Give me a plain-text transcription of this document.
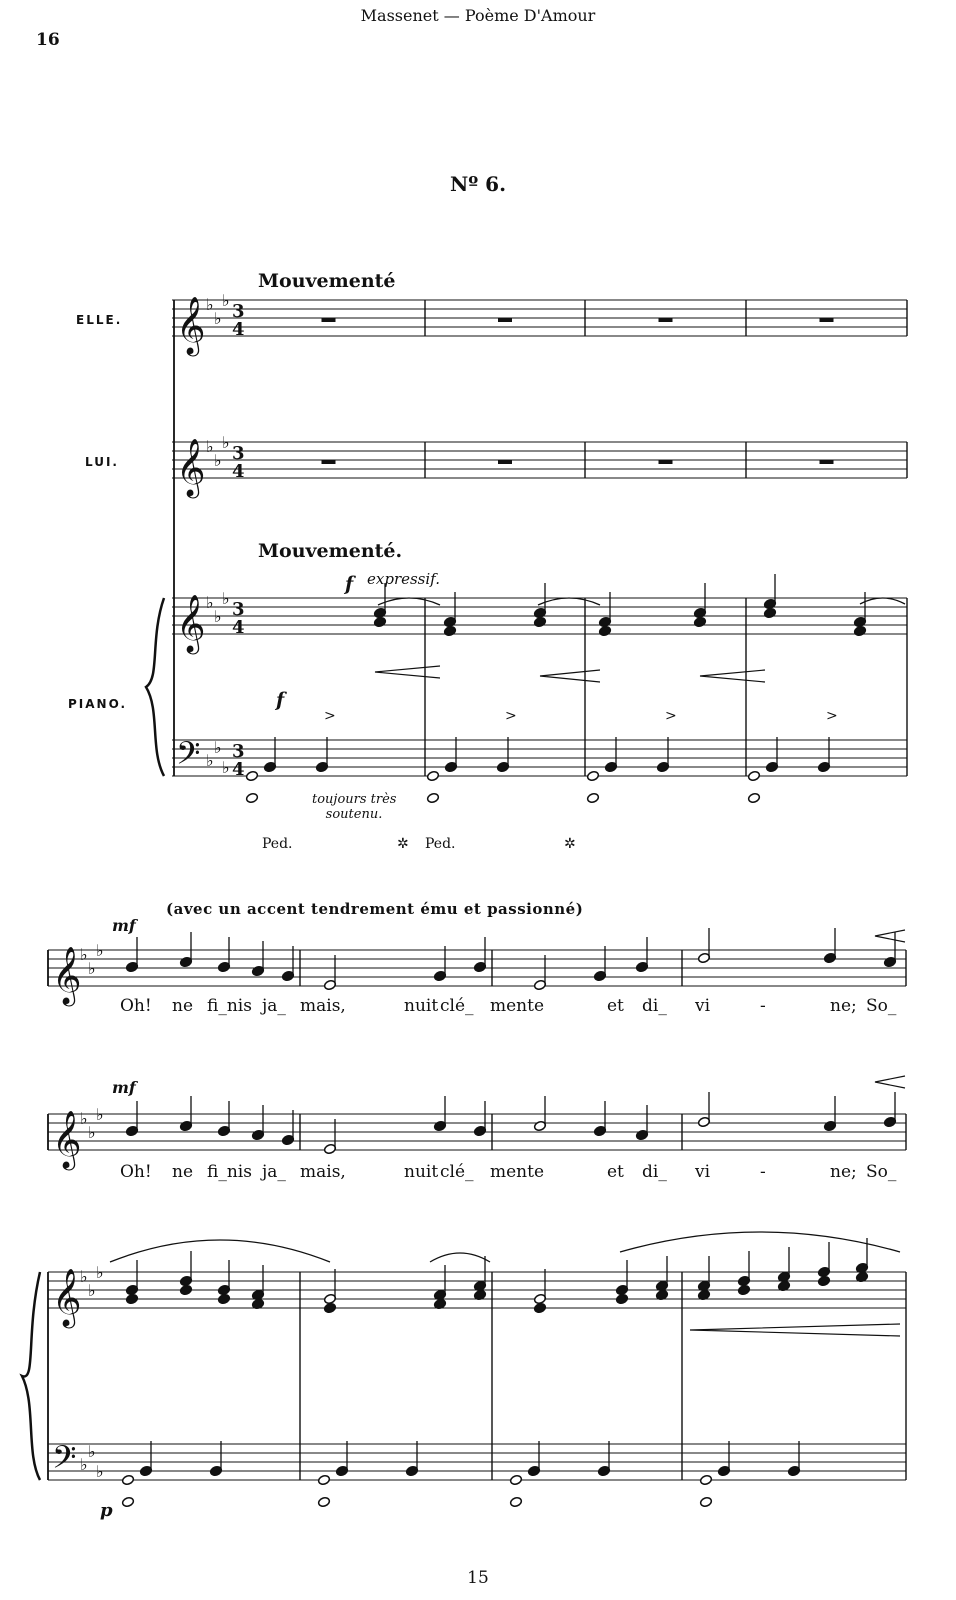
Massenet — Poème D'Amour
16
Nº 6.
Mouvementé
ELLE.
LUI.
Mouvementé.
f expressif.
PIANO.	f
toujours très
soutenu.
Ped.	✲ Ped.	✲
(avec un accent tendrement ému et passionné)
mf
mf
p
Oh! ne fi_nis ja_ mais,	nuit clé_ mente	et di_ vi	-	ne; So_
Oh! ne fi_nis ja_ mais,	nuit clé_ mente	et di_ vi	-	ne; So_
15
𝄞 ♭
♭
♭
3
4
𝄞 ♭
♭
♭
3
4
𝄞 ♭
♭
♭
3
4
𝄢 ♭
♭
♭
3
4
>	>	>	>
𝄞
♭
♭
♭
𝄞
♭
♭
♭
𝄞
♭
♭
♭
𝄢 ♭
♭
♭
